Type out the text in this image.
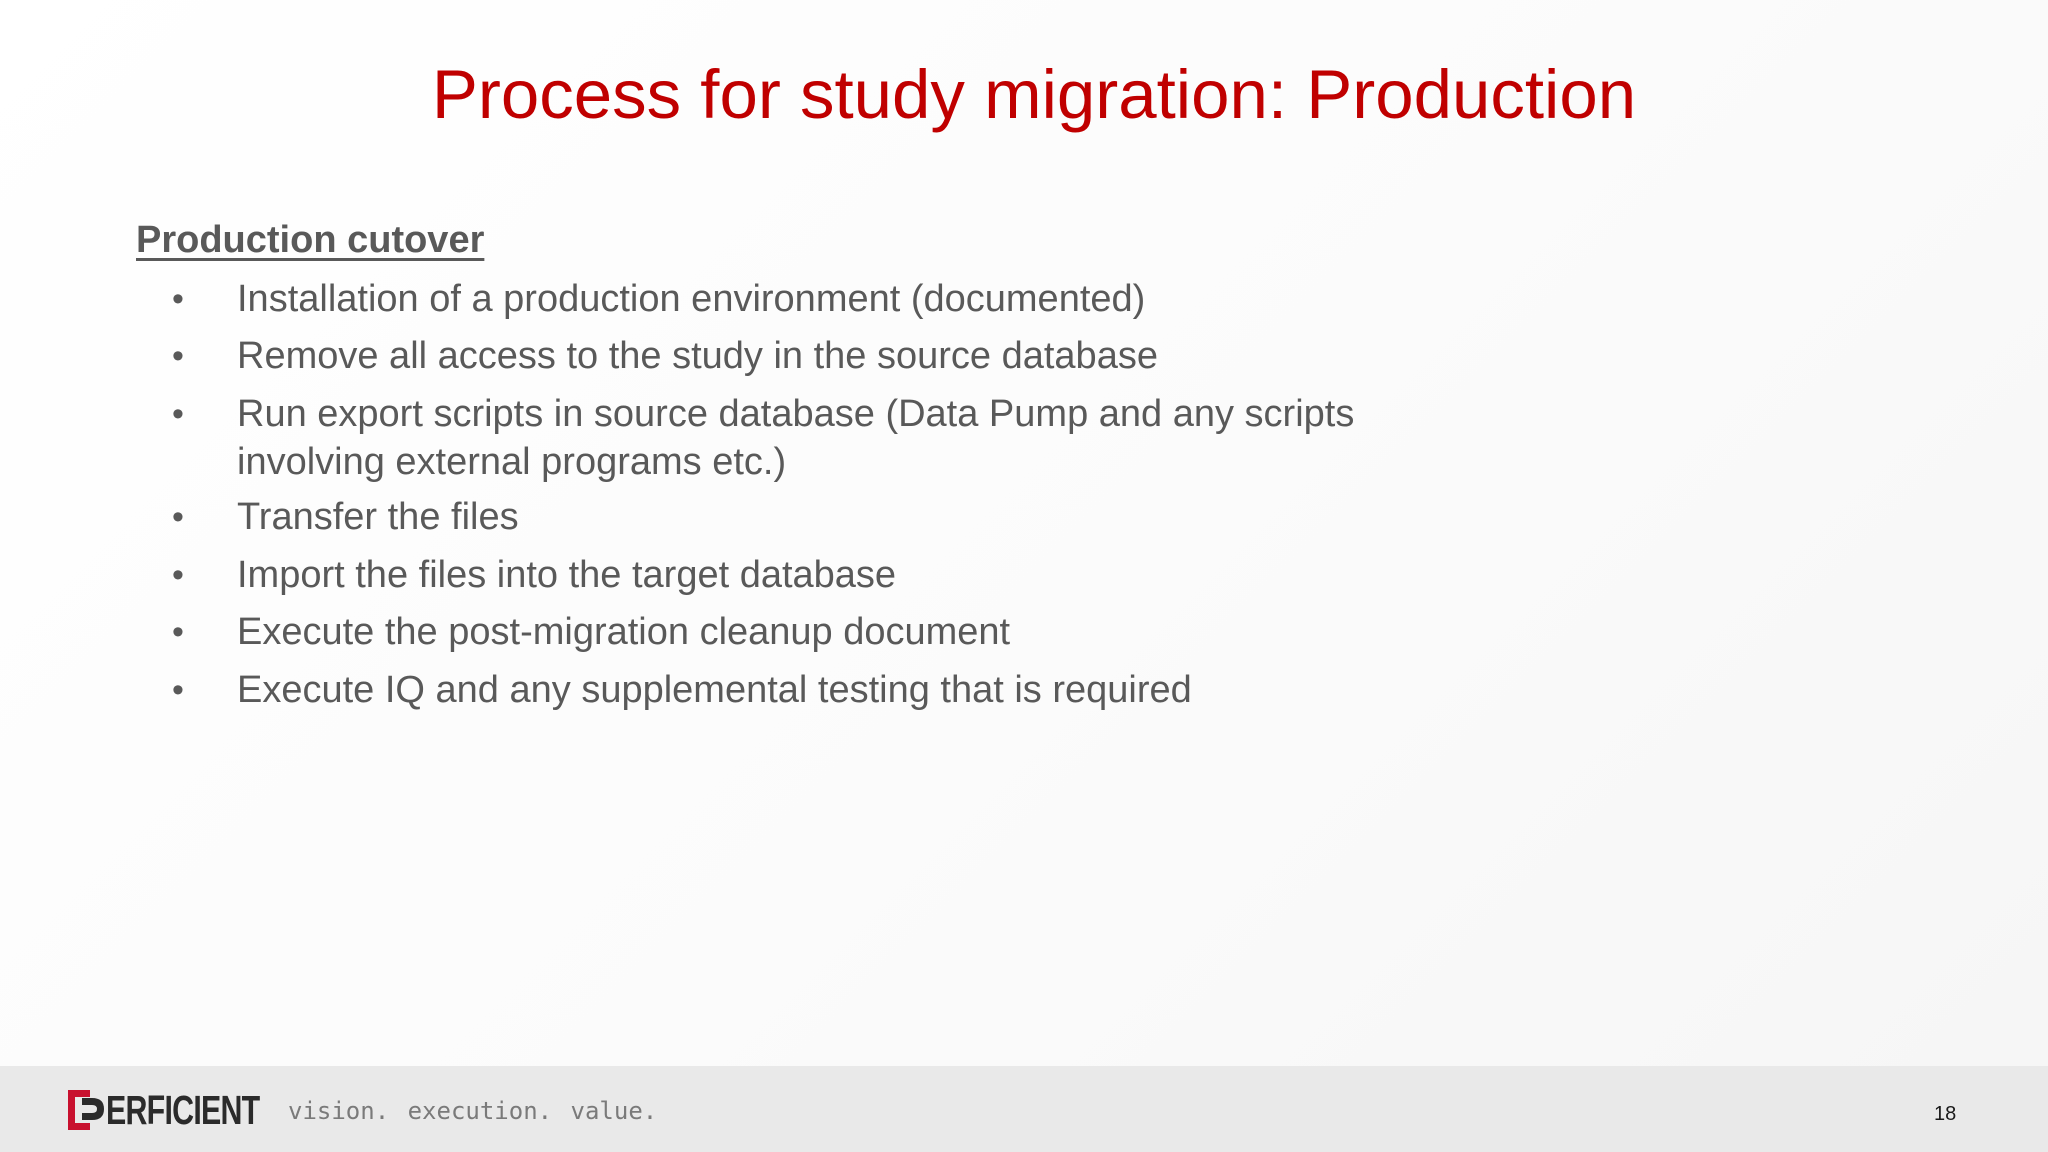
Process for study migration: Production
Production cutover
• Installation of a production environment (documented)
• Remove all access to the study in the source database
• Run export scripts in source database (Data Pump and any scripts
involving external programs etc.)
• Transfer the files
• Import the files into the target database
• Execute the post-migration cleanup document
• Execute IQ and any supplemental testing that is required
ERFICIENT vision. execution. value.	18
